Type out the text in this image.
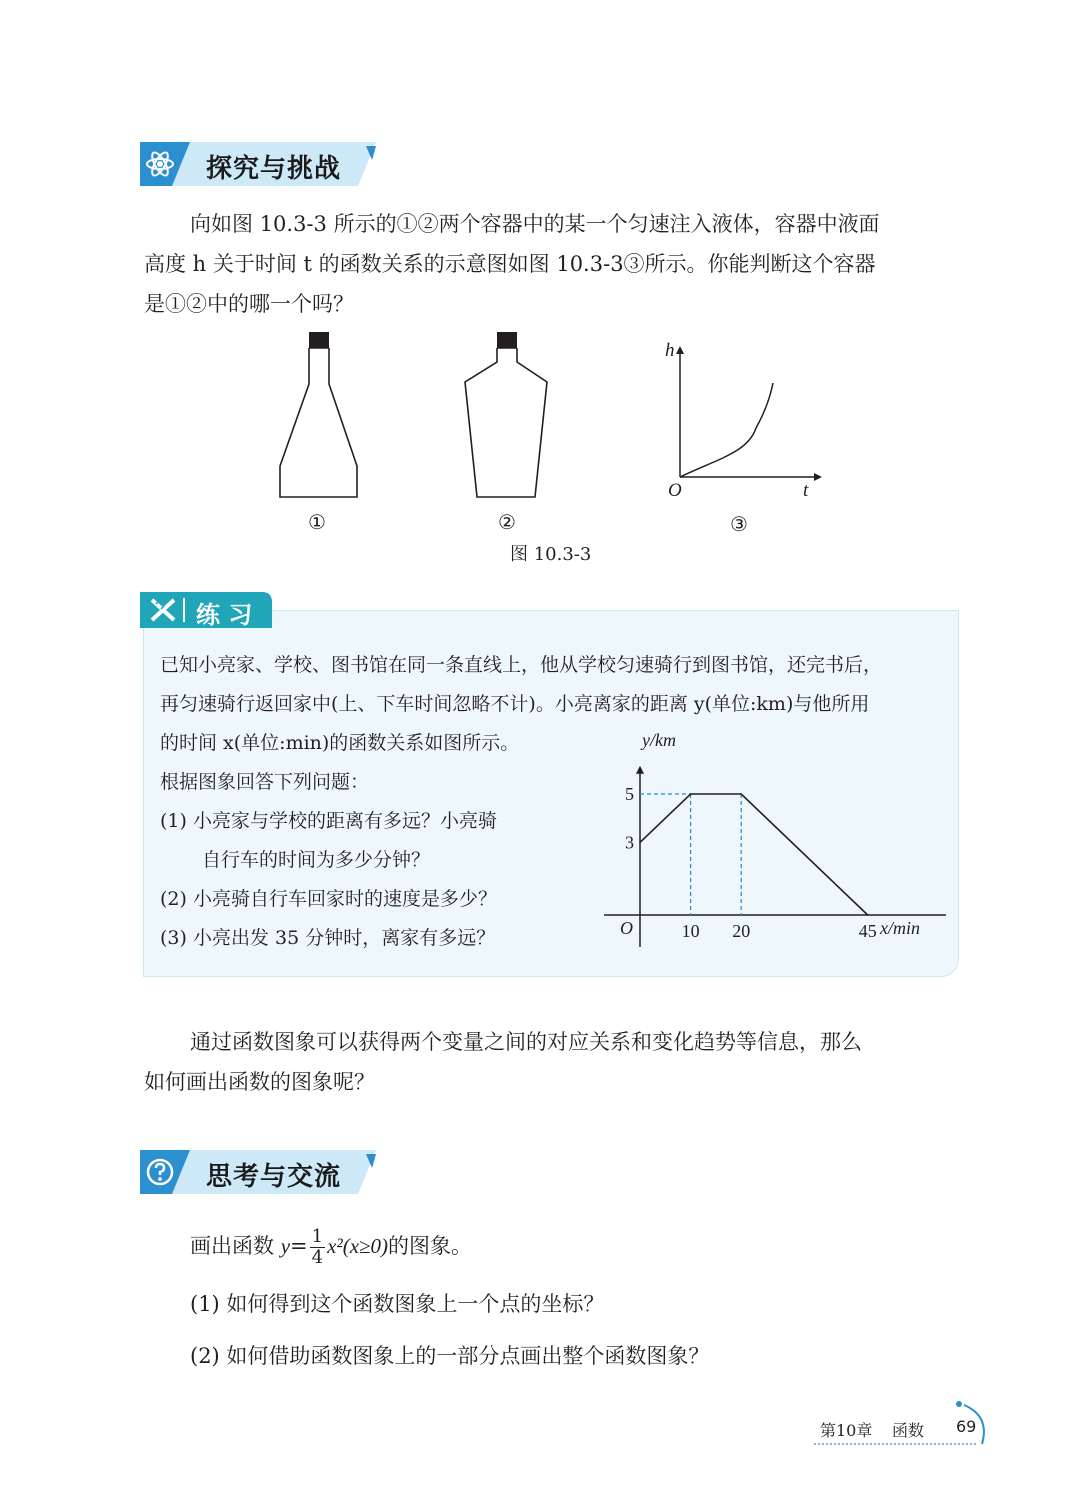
探究与挑战
向如图 10.3-3 所示的①②两个容器中的某一个匀速注入液体，容器中液面
高度 h 关于时间 t 的函数关系的示意图如图 10.3-3③所示。你能判断这个容器
是①②中的哪一个吗？
h
O	t
①	②	③
图 10.3-3
练 习
已知小亮家、学校、图书馆在同一条直线上，他从学校匀速骑行到图书馆，还完书后，
再匀速骑行返回家中(上、下车时间忽略不计)。小亮离家的距离 y(单位:km)与他所用
的时间 x(单位:min)的函数关系如图所示。
根据图象回答下列问题：
(1) 小亮家与学校的距离有多远？小亮骑
自行车的时间为多少分钟？
(2) 小亮骑自行车回家时的速度是多少？
(3) 小亮出发 35 分钟时，离家有多远？	10 20	45
3
5
y/km
x/min
O
通过函数图象可以获得两个变量之间的对应关系和变化趋势等信息，那么
如何画出函数的图象呢？
思考与交流
画出函数 $y= \frac{1}{4} x^2(x\ge 0)$的图象。
(1) 如何得到这个函数图象上一个点的坐标？
(2) 如何借助函数图象上的一部分点画出整个函数图象？
第10章 函数 69
